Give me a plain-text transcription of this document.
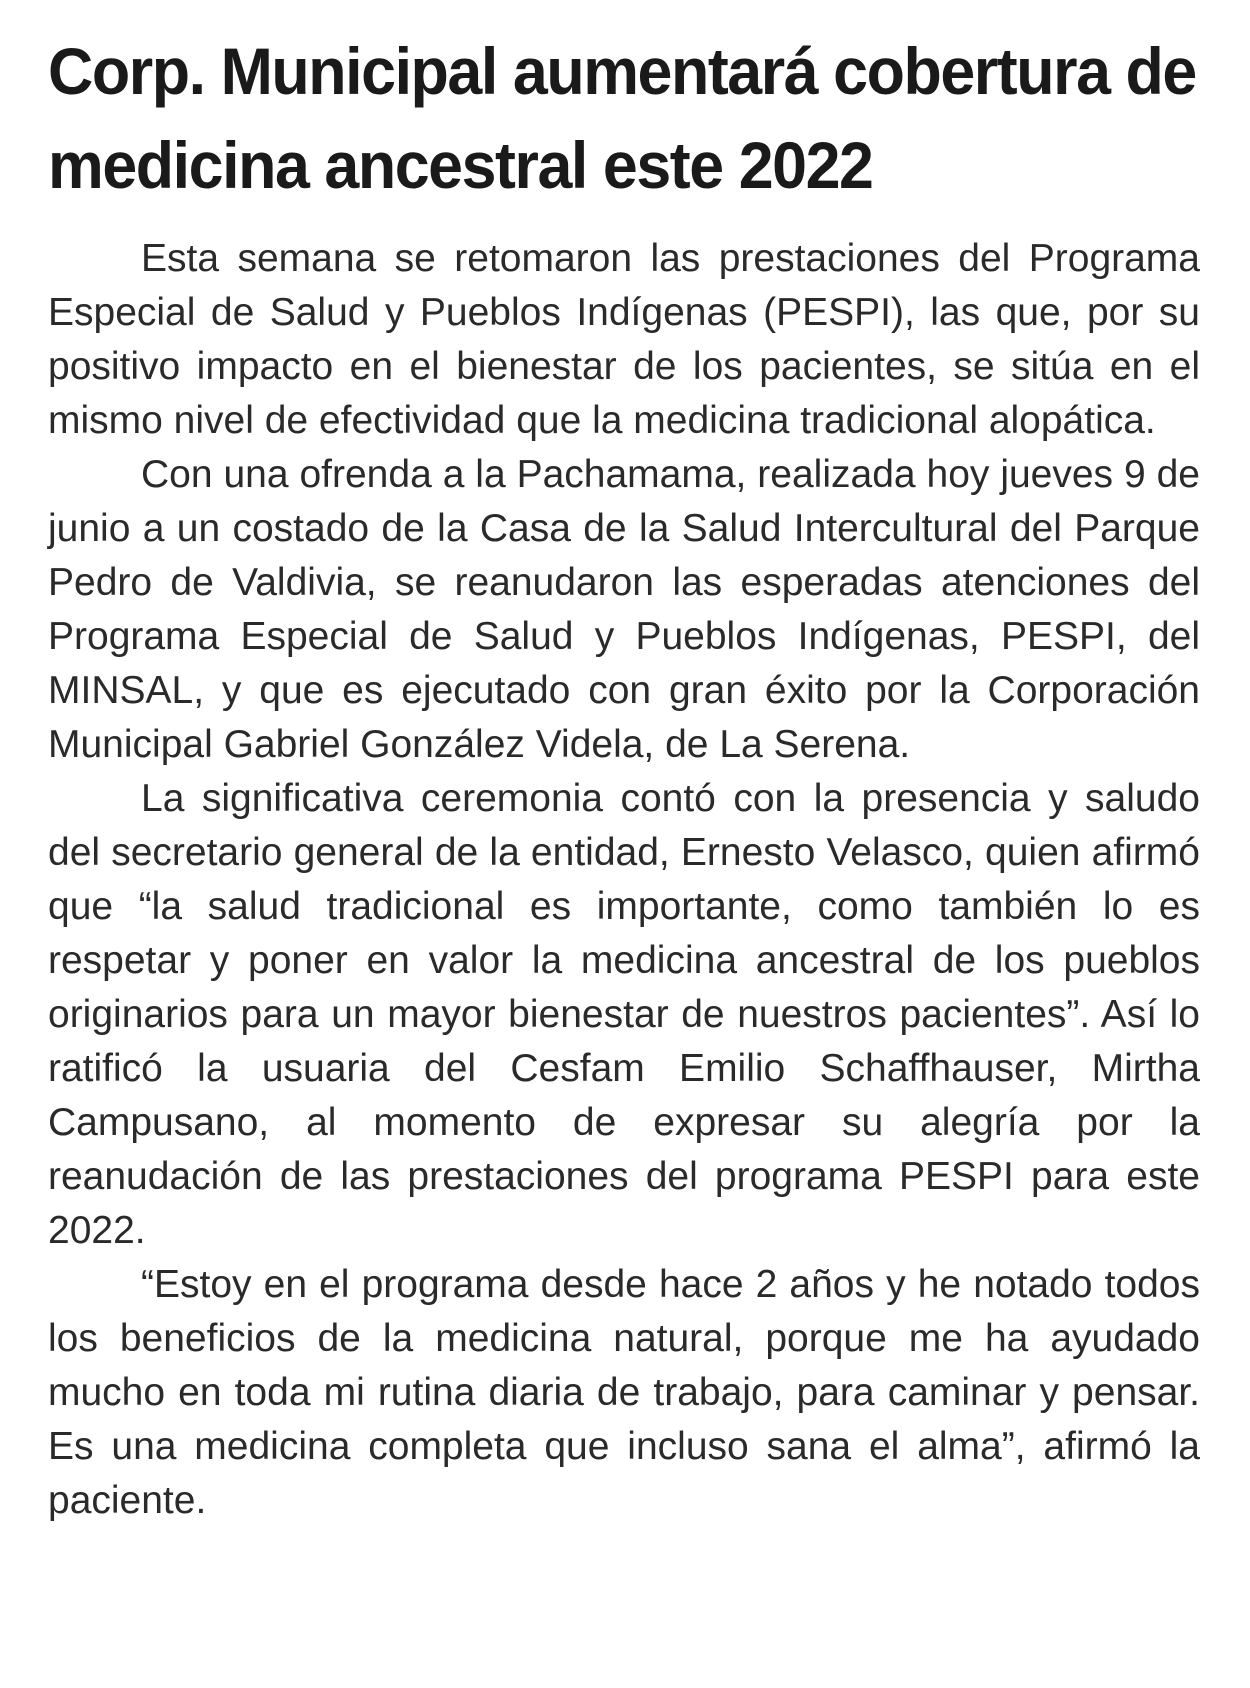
Corp. Municipal aumentará cobertura de medicina ancestral este 2022

Esta semana se retomaron las prestaciones del Programa Especial de Salud y Pueblos Indígenas (PESPI), las que, por su positivo impacto en el bienestar de los pacientes, se sitúa en el mismo nivel de efectividad que la medicina tradicional alopática.

Con una ofrenda a la Pachamama, realizada hoy jueves 9 de junio a un costado de la Casa de la Salud Intercultural del Parque Pedro de Valdivia, se reanudaron las esperadas atenciones del Programa Especial de Salud y Pueblos Indígenas, PESPI, del MINSAL, y que es ejecutado con gran éxito por la Corporación Municipal Gabriel González Videla, de La Serena.

La significativa ceremonia contó con la presencia y saludo del secretario general de la entidad, Ernesto Velasco, quien afirmó que “la salud tradicional es importante, como también lo es respetar y poner en valor la medicina ancestral de los pueblos originarios para un mayor bienestar de nuestros pacientes”. Así lo ratificó la usuaria del Cesfam Emilio Schaffhauser, Mirtha Campusano, al momento de expresar su alegría por la reanudación de las prestaciones del programa PESPI para este 2022.

“Estoy en el programa desde hace 2 años y he notado todos los beneficios de la medicina natural, porque me ha ayudado mucho en toda mi rutina diaria de trabajo, para caminar y pensar. Es una medicina completa que incluso sana el alma”, afirmó la paciente.
